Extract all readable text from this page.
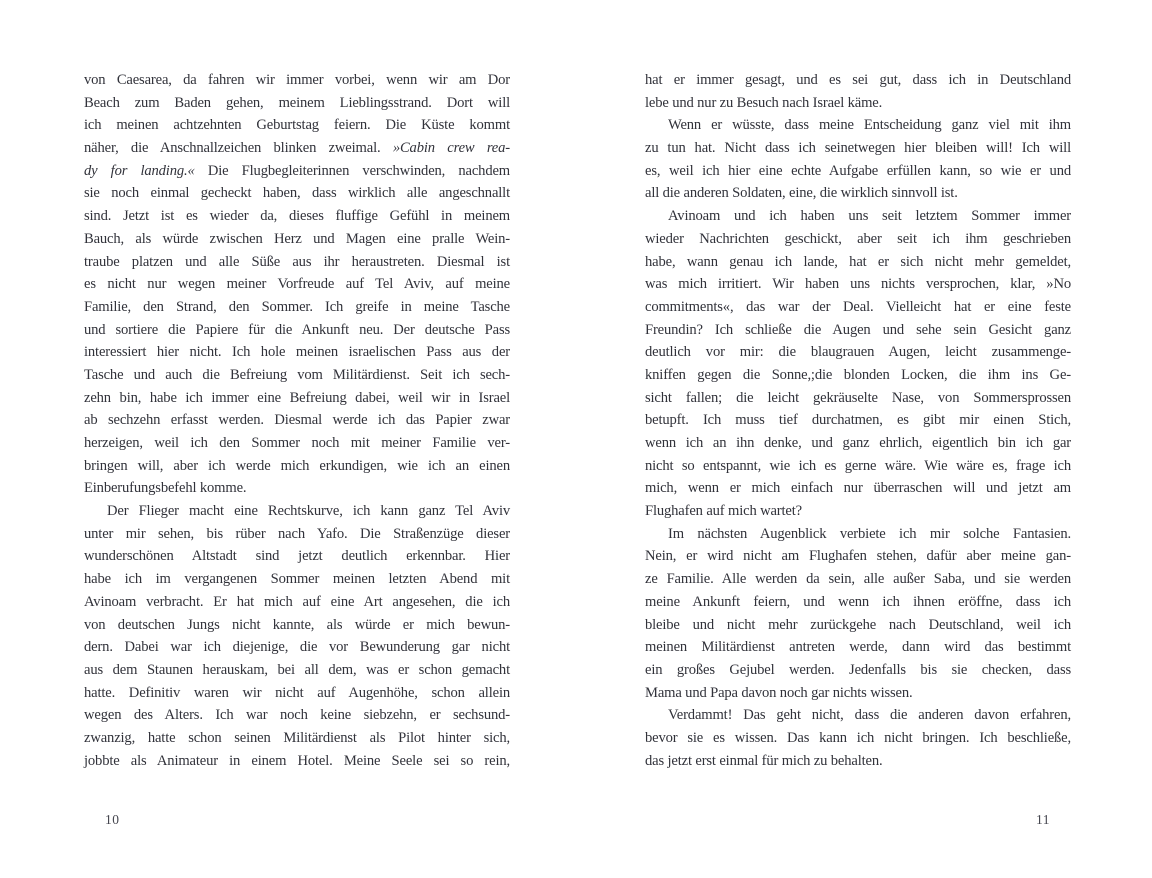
von Caesarea, da fahren wir immer vorbei, wenn wir am Dor
Beach zum Baden gehen, meinem Lieblingsstrand. Dort will
ich meinen achtzehnten Geburtstag feiern. Die Küste kommt
näher, die Anschnallzeichen blinken zweimal. »Cabin crew rea-
dy for landing.« Die Flugbegleiterinnen verschwinden, nachdem
sie noch einmal gecheckt haben, dass wirklich alle angeschnallt
sind. Jetzt ist es wieder da, dieses fluffige Gefühl in meinem
Bauch, als würde zwischen Herz und Magen eine pralle Wein-
traube platzen und alle Süße aus ihr heraustreten. Diesmal ist
es nicht nur wegen meiner Vorfreude auf Tel Aviv, auf meine
Familie, den Strand, den Sommer. Ich greife in meine Tasche
und sortiere die Papiere für die Ankunft neu. Der deutsche Pass
interessiert hier nicht. Ich hole meinen israelischen Pass aus der
Tasche und auch die Befreiung vom Militärdienst. Seit ich sech-
zehn bin, habe ich immer eine Befreiung dabei, weil wir in Israel
ab sechzehn erfasst werden. Diesmal werde ich das Papier zwar
herzeigen, weil ich den Sommer noch mit meiner Familie ver-
bringen will, aber ich werde mich erkundigen, wie ich an einen
Einberufungsbefehl komme.
Der Flieger macht eine Rechtskurve, ich kann ganz Tel Aviv
unter mir sehen, bis rüber nach Yafo. Die Straßenzüge dieser
wunderschönen Altstadt sind jetzt deutlich erkennbar. Hier
habe ich im vergangenen Sommer meinen letzten Abend mit
Avinoam verbracht. Er hat mich auf eine Art angesehen, die ich
von deutschen Jungs nicht kannte, als würde er mich bewun-
dern. Dabei war ich diejenige, die vor Bewunderung gar nicht
aus dem Staunen herauskam, bei all dem, was er schon gemacht
hatte. Definitiv waren wir nicht auf Augenhöhe, schon allein
wegen des Alters. Ich war noch keine siebzehn, er sechsund-
zwanzig, hatte schon seinen Militärdienst als Pilot hinter sich,
jobbte als Animateur in einem Hotel. Meine Seele sei so rein,
10
hat er immer gesagt, und es sei gut, dass ich in Deutschland
lebe und nur zu Besuch nach Israel käme.
Wenn er wüsste, dass meine Entscheidung ganz viel mit ihm
zu tun hat. Nicht dass ich seinetwegen hier bleiben will! Ich will
es, weil ich hier eine echte Aufgabe erfüllen kann, so wie er und
all die anderen Soldaten, eine, die wirklich sinnvoll ist.
Avinoam und ich haben uns seit letztem Sommer immer
wieder Nachrichten geschickt, aber seit ich ihm geschrieben
habe, wann genau ich lande, hat er sich nicht mehr gemeldet,
was mich irritiert. Wir haben uns nichts versprochen, klar, »No
commitments«, das war der Deal. Vielleicht hat er eine feste
Freundin? Ich schließe die Augen und sehe sein Gesicht ganz
deutlich vor mir: die blaugrauen Augen, leicht zusammenge-
kniffen gegen die Sonne,;die blonden Locken, die ihm ins Ge-
sicht fallen; die leicht gekräuselte Nase, von Sommersprossen
betupft. Ich muss tief durchatmen, es gibt mir einen Stich,
wenn ich an ihn denke, und ganz ehrlich, eigentlich bin ich gar
nicht so entspannt, wie ich es gerne wäre. Wie wäre es, frage ich
mich, wenn er mich einfach nur überraschen will und jetzt am
Flughafen auf mich wartet?
Im nächsten Augenblick verbiete ich mir solche Fantasien.
Nein, er wird nicht am Flughafen stehen, dafür aber meine gan-
ze Familie. Alle werden da sein, alle außer Saba, und sie werden
meine Ankunft feiern, und wenn ich ihnen eröffne, dass ich
bleibe und nicht mehr zurückgehe nach Deutschland, weil ich
meinen Militärdienst antreten werde, dann wird das bestimmt
ein großes Gejubel werden. Jedenfalls bis sie checken, dass
Mama und Papa davon noch gar nichts wissen.
Verdammt! Das geht nicht, dass die anderen davon erfahren,
bevor sie es wissen. Das kann ich nicht bringen. Ich beschließe,
das jetzt erst einmal für mich zu behalten.
11
